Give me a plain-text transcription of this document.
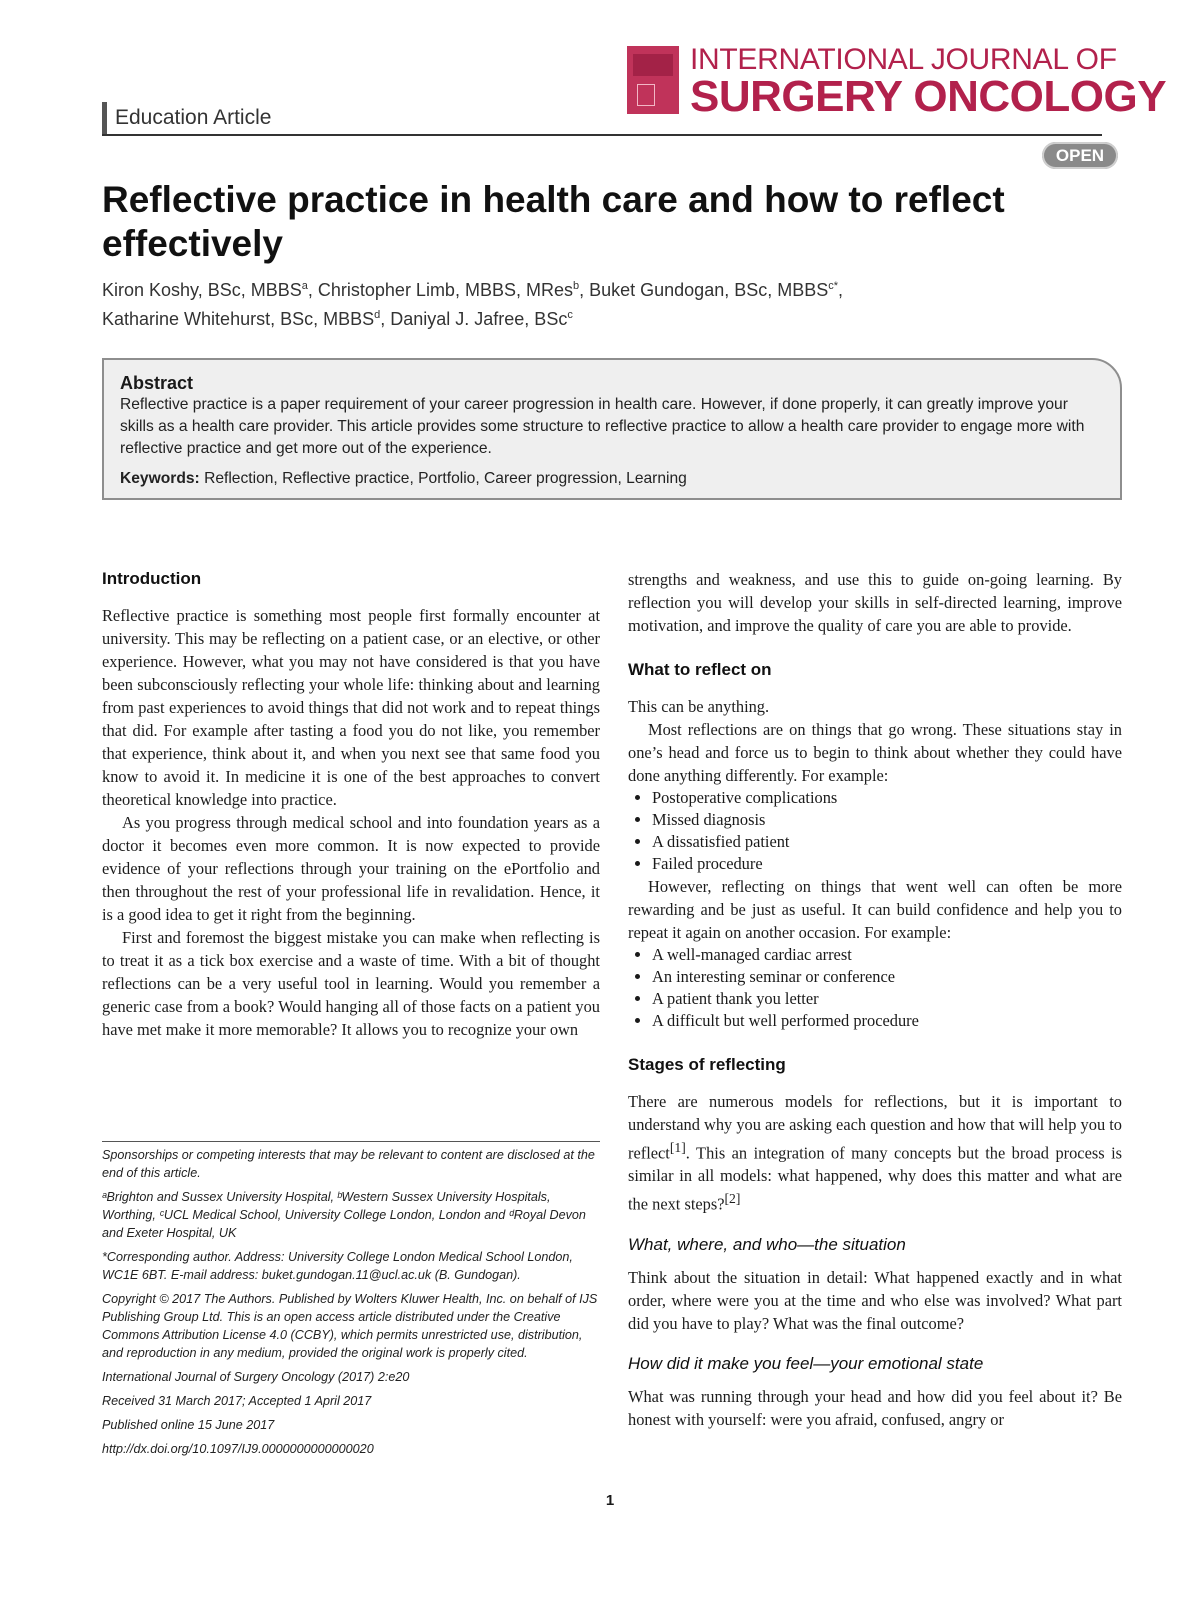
Education Article
INTERNATIONAL JOURNAL OF
SURGERY ONCOLOGY
OPEN
Reflective practice in health care and how to reflect effectively
Kiron Koshy, BSc, MBBS$^a$, Christopher Limb, MBBS, MRes$^b$, Buket Gundogan, BSc, $MBBS^{c*}$,
Katharine Whitehurst, BSc, MBBS$^d$, Daniyal J. Jafree, BSc$^c$

Abstract

Reflective practice is a paper requirement of your career progression in health care. However, if done properly, it can greatly improve your skills as a health care provider. This article provides some structure to reflective practice to allow a health care provider to engage more with reflective practice and get more out of the experience.

Keywords: Reflection, Reflective practice, Portfolio, Career progression, Learning

Introduction

Reflective practice is something most people first formally encounter at university. This may be reflecting on a patient case, or an elective, or other experience. However, what you may not have considered is that you have been subconsciously reflecting your whole life: thinking about and learning from past experiences to avoid things that did not work and to repeat things that did. For example after tasting a food you do not like, you remember that experience, think about it, and when you next see that same food you know to avoid it. In medicine it is one of the best approaches to convert theoretical knowledge into practice.

As you progress through medical school and into foundation years as a doctor it becomes even more common. It is now expected to provide evidence of your reflections through your training on the ePortfolio and then throughout the rest of your professional life in revalidation. Hence, it is a good idea to get it right from the beginning.

First and foremost the biggest mistake you can make when reflecting is to treat it as a tick box exercise and a waste of time. With a bit of thought reflections can be a very useful tool in learning. Would you remember a generic case from a book? Would hanging all of those facts on a patient you have met make it more memorable? It allows you to recognize your own

Sponsorships or competing interests that may be relevant to content are disclosed at the end of this article.

ᵃBrighton and Sussex University Hospital, ᵇWestern Sussex University Hospitals, Worthing, ᶜUCL Medical School, University College London, London and ᵈRoyal Devon and Exeter Hospital, UK

*Corresponding author. Address: University College London Medical School London, WC1E 6BT. E-mail address: buket.gundogan.11@ucl.ac.uk (B. Gundogan).

Copyright © 2017 The Authors. Published by Wolters Kluwer Health, Inc. on behalf of IJS Publishing Group Ltd. This is an open access article distributed under the Creative Commons Attribution License 4.0 (CCBY), which permits unrestricted use, distribution, and reproduction in any medium, provided the original work is properly cited.

International Journal of Surgery Oncology (2017) 2:e20

Received 31 March 2017; Accepted 1 April 2017

Published online 15 June 2017

http://dx.doi.org/10.1097/IJ9.0000000000000020

strengths and weakness, and use this to guide on-going learning. By reflection you will develop your skills in self-directed learning, improve motivation, and improve the quality of care you are able to provide.

What to reflect on

This can be anything.

Most reflections are on things that go wrong. These situations stay in one’s head and force us to begin to think about whether they could have done anything differently. For example:

• Postoperative complications
• Missed diagnosis
• A dissatisfied patient
• Failed procedure

However, reflecting on things that went well can often be more rewarding and be just as useful. It can build confidence and help you to repeat it again on another occasion. For example:

• A well-managed cardiac arrest
• An interesting seminar or conference
• A patient thank you letter
• A difficult but well performed procedure

Stages of reflecting

There are numerous models for reflections, but it is important to understand why you are asking each question and how that will help you to reflect[1]. This an integration of many concepts but the broad process is similar in all models: what happened, why does this matter and what are the next steps?[2]

What, where, and who—the situation

Think about the situation in detail: What happened exactly and in what order, where were you at the time and who else was involved? What part did you have to play? What was the final outcome?

How did it make you feel—your emotional state

What was running through your head and how did you feel about it? Be honest with yourself: were you afraid, confused, angry or

1
